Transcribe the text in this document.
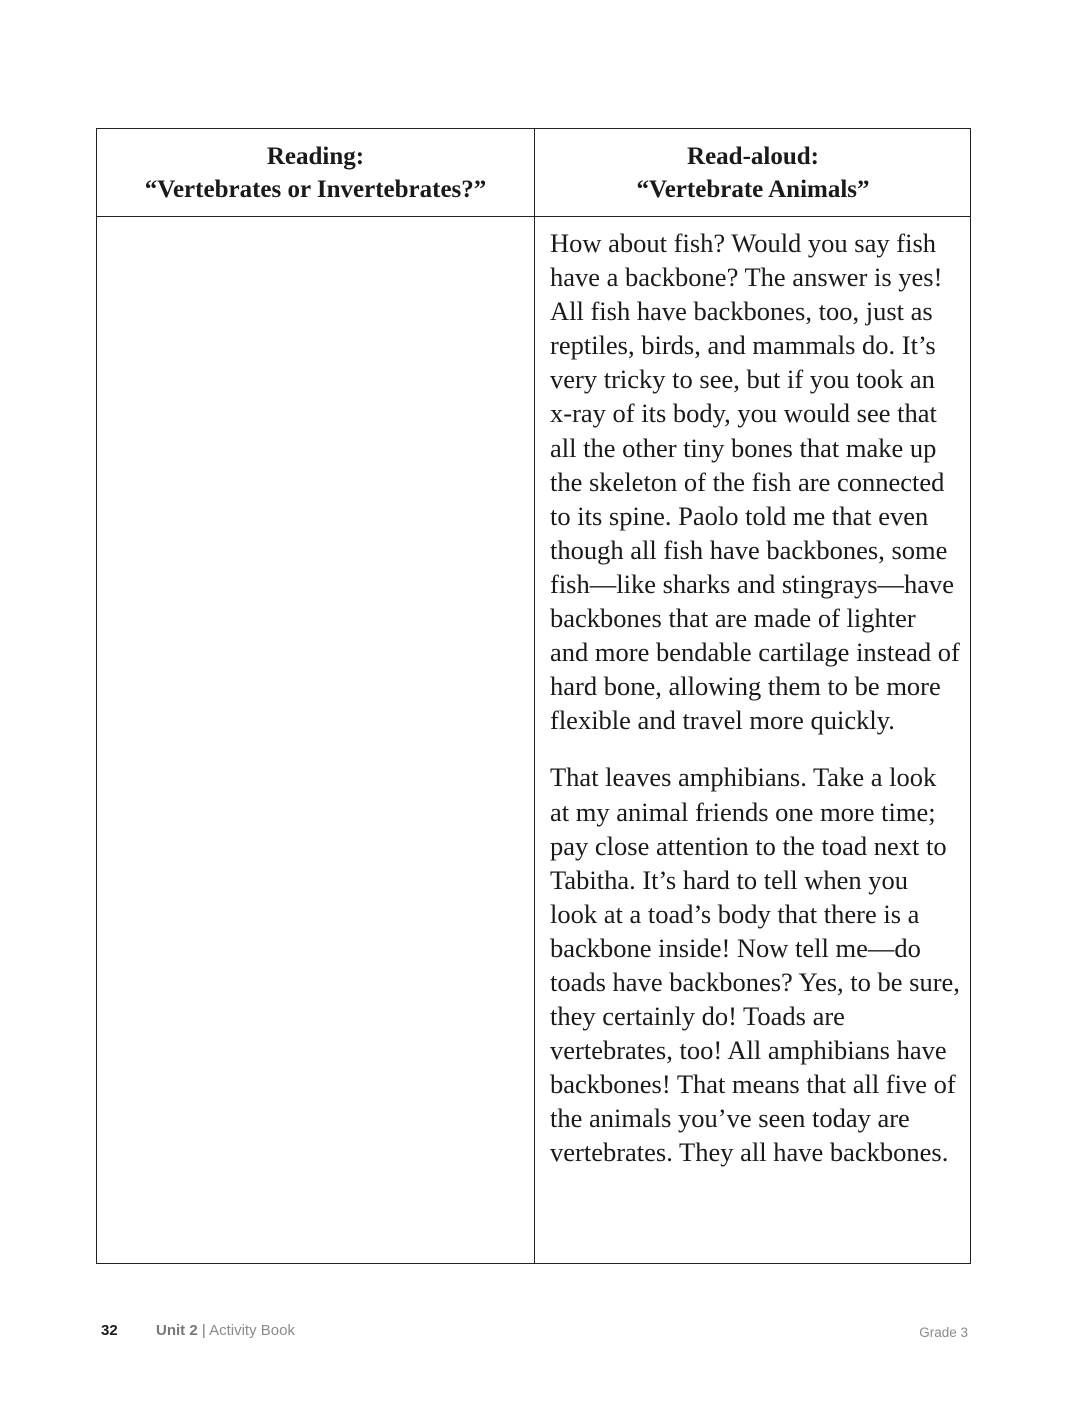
Reading:
“Vertebrates or Invertebrates?”
Read-aloud:
“Vertebrate Animals”

How about fish? Would you say fish have a backbone? The answer is yes! All fish have backbones, too, just as reptiles, birds, and mammals do. It’s very tricky to see, but if you took an x-ray of its body, you would see that all the other tiny bones that make up the skeleton of the fish are connected to its spine. Paolo told me that even though all fish have backbones, some fish—like sharks and stingrays—have backbones that are made of lighter and more bendable cartilage instead of hard bone, allowing them to be more flexible and travel more quickly.

That leaves amphibians. Take a look at my animal friends one more time; pay close attention to the toad next to Tabitha. It’s hard to tell when you look at a toad’s body that there is a backbone inside! Now tell me—do toads have backbones? Yes, to be sure, they certainly do! Toads are vertebrates, too! All amphibians have backbones! That means that all five of the animals you’ve seen today are vertebrates. They all have backbones.

32	Unit 2 | Activity Book	Grade 3
